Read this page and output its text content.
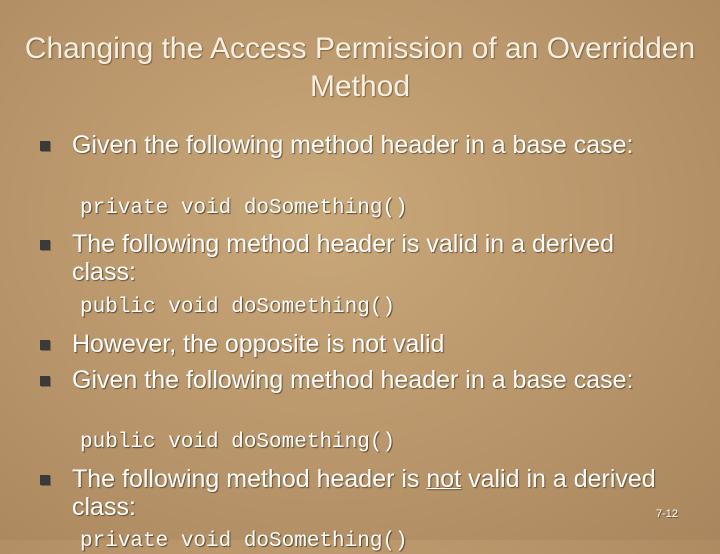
Changing the Access Permission of an Overridden Method
Given the following method header in a base case:
private void doSomething()
The following method header is valid in a derived class:
public void doSomething()
However, the opposite is not valid
Given the following method header in a base case:
public void doSomething()
The following method header is not valid in a derived class:
private void doSomething()
7-12
